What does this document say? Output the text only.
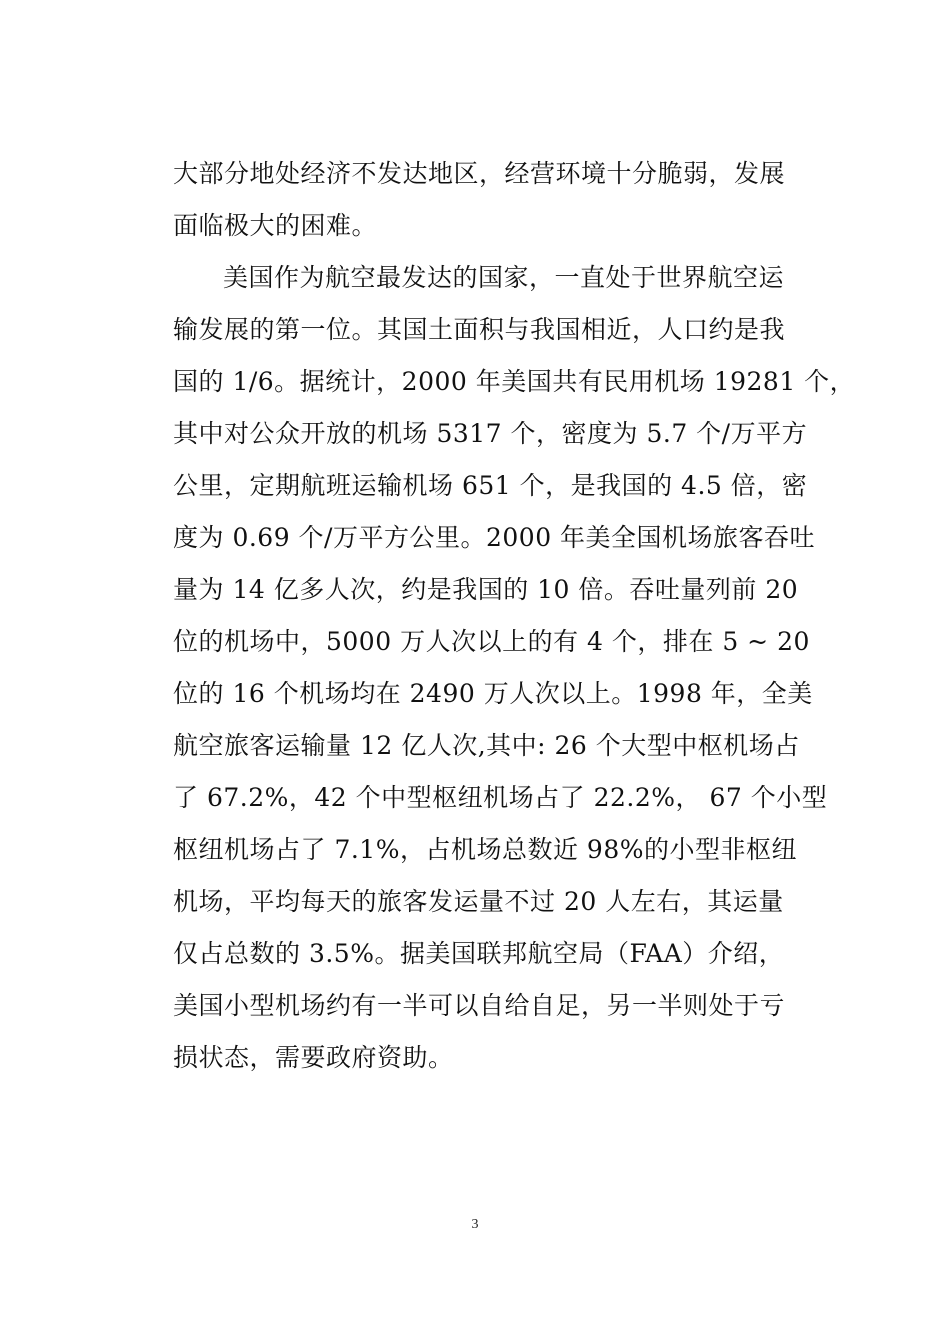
大部分地处经济不发达地区，经营环境十分脆弱，发展
面临极大的困难。
美国作为航空最发达的国家，一直处于世界航空运
输发展的第一位。其国土面积与我国相近，人口约是我
国的 1/6。据统计，2000 年美国共有民用机场 19281 个，
其中对公众开放的机场 5317 个，密度为 5.7 个/万平方
公里，定期航班运输机场 651 个，是我国的 4.5 倍，密
度为 0.69 个/万平方公里。2000 年美全国机场旅客吞吐
量为 14 亿多人次，约是我国的 10 倍。吞吐量列前 20
位的机场中，5000 万人次以上的有 4 个，排在 5 ~ 20
位的 16 个机场均在 2490 万人次以上。1998 年，全美
航空旅客运输量 12 亿人次,其中: 26 个大型中枢机场占
了 67.2%，42 个中型枢纽机场占了 22.2%， 67 个小型
枢纽机场占了 7.1%，占机场总数近 98%的小型非枢纽
机场，平均每天的旅客发运量不过 20 人左右，其运量
仅占总数的 3.5%。据美国联邦航空局（FAA）介绍，
美国小型机场约有一半可以自给自足，另一半则处于亏
损状态，需要政府资助。
3
